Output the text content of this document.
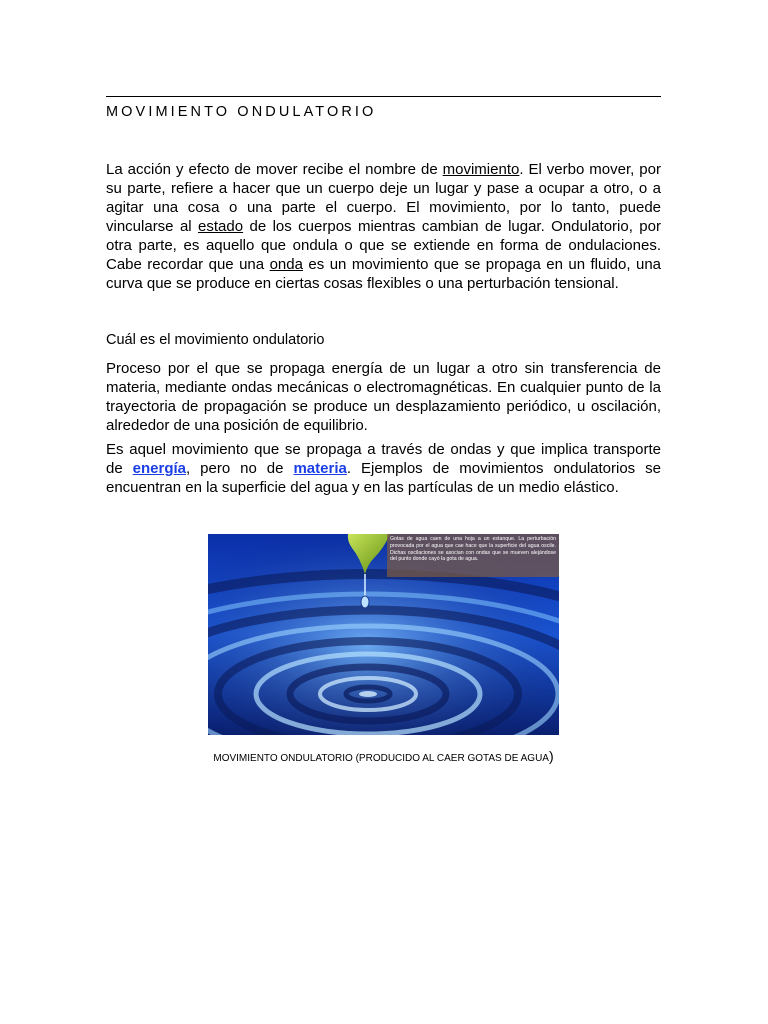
MOVIMIENTO ONDULATORIO

La acción y efecto de mover recibe el nombre de movimiento. El verbo mover, por su parte, refiere a hacer que un cuerpo deje un lugar y pase a ocupar a otro, o a agitar una cosa o una parte el cuerpo. El movimiento, por lo tanto, puede vincularse al estado de los cuerpos mientras cambian de lugar. Ondulatorio, por otra parte, es aquello que ondula o que se extiende en forma de ondulaciones. Cabe recordar que una onda es un movimiento que se propaga en un fluido, una curva que se produce en ciertas cosas flexibles o una perturbación tensional.

Cuál es el movimiento ondulatorio

Proceso por el que se propaga energía de un lugar a otro sin transferencia de materia, mediante ondas mecánicas o electromagnéticas. En cualquier punto de la trayectoria de propagación se produce un desplazamiento periódico, u oscilación, alrededor de una posición de equilibrio.

Es aquel movimiento que se propaga a través de ondas y que implica transporte de energía, pero no de materia. Ejemplos de movimientos ondulatorios se encuentran en la superficie del agua y en las partículas de un medio elástico.

Gotas de agua caen de una hoja a un estanque. La perturbación provocada por el agua que cae hace que la superficie del agua oscile. Dichas oscilaciones se asocian con ondas que se mueven alejándose del punto donde cayó la gota de agua.

MOVIMIENTO ONDULATORIO (PRODUCIDO AL CAER GOTAS DE AGUA)
